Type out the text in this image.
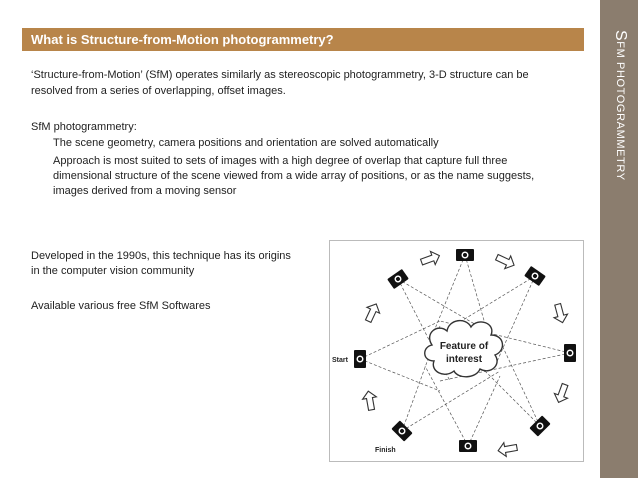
What is Structure-from-Motion photogrammetry?	SFM PHOTOGRAMMETRY
‘Structure-from-Motion’ (SfM) operates similarly as stereoscopic photogrammetry, 3-D structure can be
resolved from a series of overlapping, offset images.
SfM photogrammetry:
The scene geometry, camera positions and orientation are solved automatically
Approach is most suited to sets of images with a high degree of overlap that capture full three
dimensional structure of the scene viewed from a wide array of positions, or as the name suggests,
images derived from a moving sensor
Developed in the 1990s, this technique has its origins
in the computer vision community
Available various free SfM Softwares
Feature of
interest
Start
Finish
